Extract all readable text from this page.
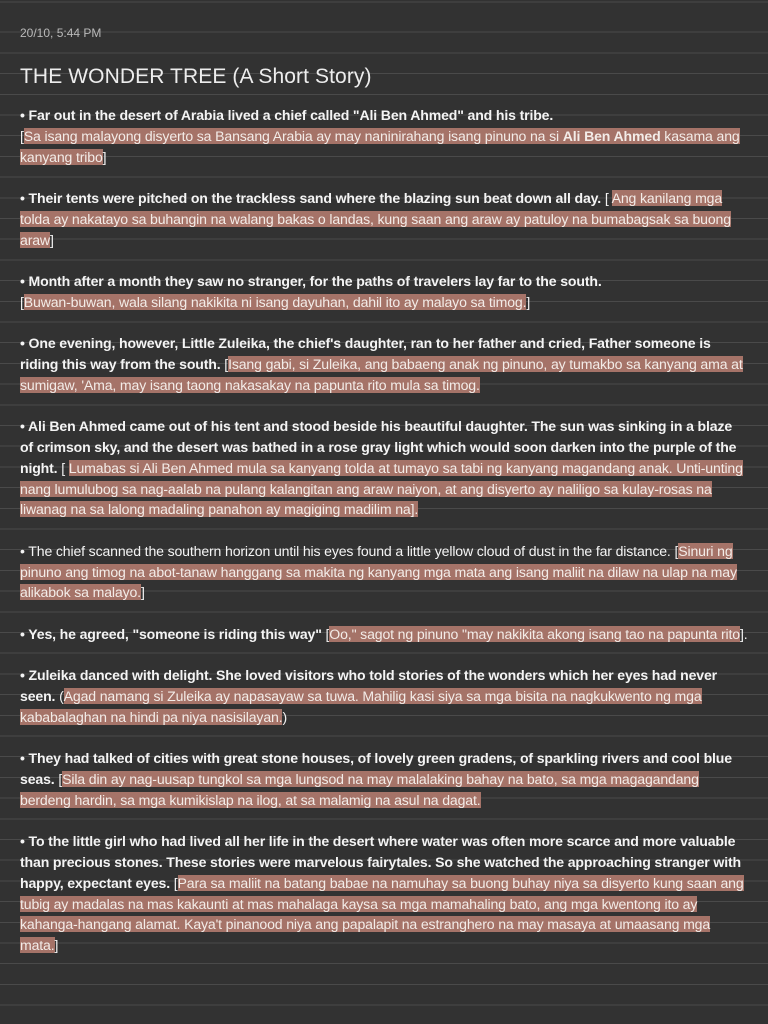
20/10, 5:44 PM
THE WONDER TREE (A Short Story)

• Far out in the desert of Arabia lived a chief called "Ali Ben Ahmed" and his tribe.
[Sa isang malayong disyerto sa Bansang Arabia ay may naninirahang isang pinuno na si Ali Ben Ahmed kasama ang kanyang tribo]

• Their tents were pitched on the trackless sand where the blazing sun beat down all day. [ Ang kanilang mga tolda ay nakatayo sa buhangin na walang bakas o landas, kung saan ang araw ay patuloy na bumabagsak sa buong araw]

• Month after a month they saw no stranger, for the paths of travelers lay far to the south.
[Buwan-buwan, wala silang nakikita ni isang dayuhan, dahil ito ay malayo sa timog.]

• One evening, however, Little Zuleika, the chief's daughter, ran to her father and cried, Father someone is riding this way from the south. [Isang gabi, si Zuleika, ang babaeng anak ng pinuno, ay tumakbo sa kanyang ama at sumigaw, 'Ama, may isang taong nakasakay na papunta rito mula sa timog.

• Ali Ben Ahmed came out of his tent and stood beside his beautiful daughter. The sun was sinking in a blaze of crimson sky, and the desert was bathed in a rose gray light which would soon darken into the purple of the night. [ Lumabas si Ali Ben Ahmed mula sa kanyang tolda at tumayo sa tabi ng kanyang magandang anak. Unti-unting nang lumulubog sa nag-aalab na pulang kalangitan ang araw naiyon, at ang disyerto ay naliligo sa kulay-rosas na liwanag na sa lalong madaling panahon ay magiging madilim na].

• The chief scanned the southern horizon until his eyes found a little yellow cloud of dust in the far distance. [Sinuri ng pinuno ang timog na abot-tanaw hanggang sa makita ng kanyang mga mata ang isang maliit na dilaw na ulap na may alikabok sa malayo.]

• Yes, he agreed, "someone is riding this way" [Oo," sagot ng pinuno "may nakikita akong isang tao na papunta rito].

• Zuleika danced with delight. She loved visitors who told stories of the wonders which her eyes had never seen. (Agad namang si Zuleika ay napasayaw sa tuwa. Mahilig kasi siya sa mga bisita na nagkukwento ng mga kababalaghan na hindi pa niya nasisilayan.)

• They had talked of cities with great stone houses, of lovely green gradens, of sparkling rivers and cool blue seas. [Sila din ay nag-uusap tungkol sa mga lungsod na may malalaking bahay na bato, sa mga magagandang berdeng hardin, sa mga kumikislap na ilog, at sa malamig na asul na dagat.

• To the little girl who had lived all her life in the desert where water was often more scarce and more valuable than precious stones. These stories were marvelous fairytales. So she watched the approaching stranger with happy, expectant eyes. [Para sa maliit na batang babae na namuhay sa buong buhay niya sa disyerto kung saan ang tubig ay madalas na mas kakaunti at mas mahalaga kaysa sa mga mamahaling bato, ang mga kwentong ito ay kahanga-hangang alamat. Kaya't pinanood niya ang papalapit na estranghero na may masaya at umaasang mga mata.]
